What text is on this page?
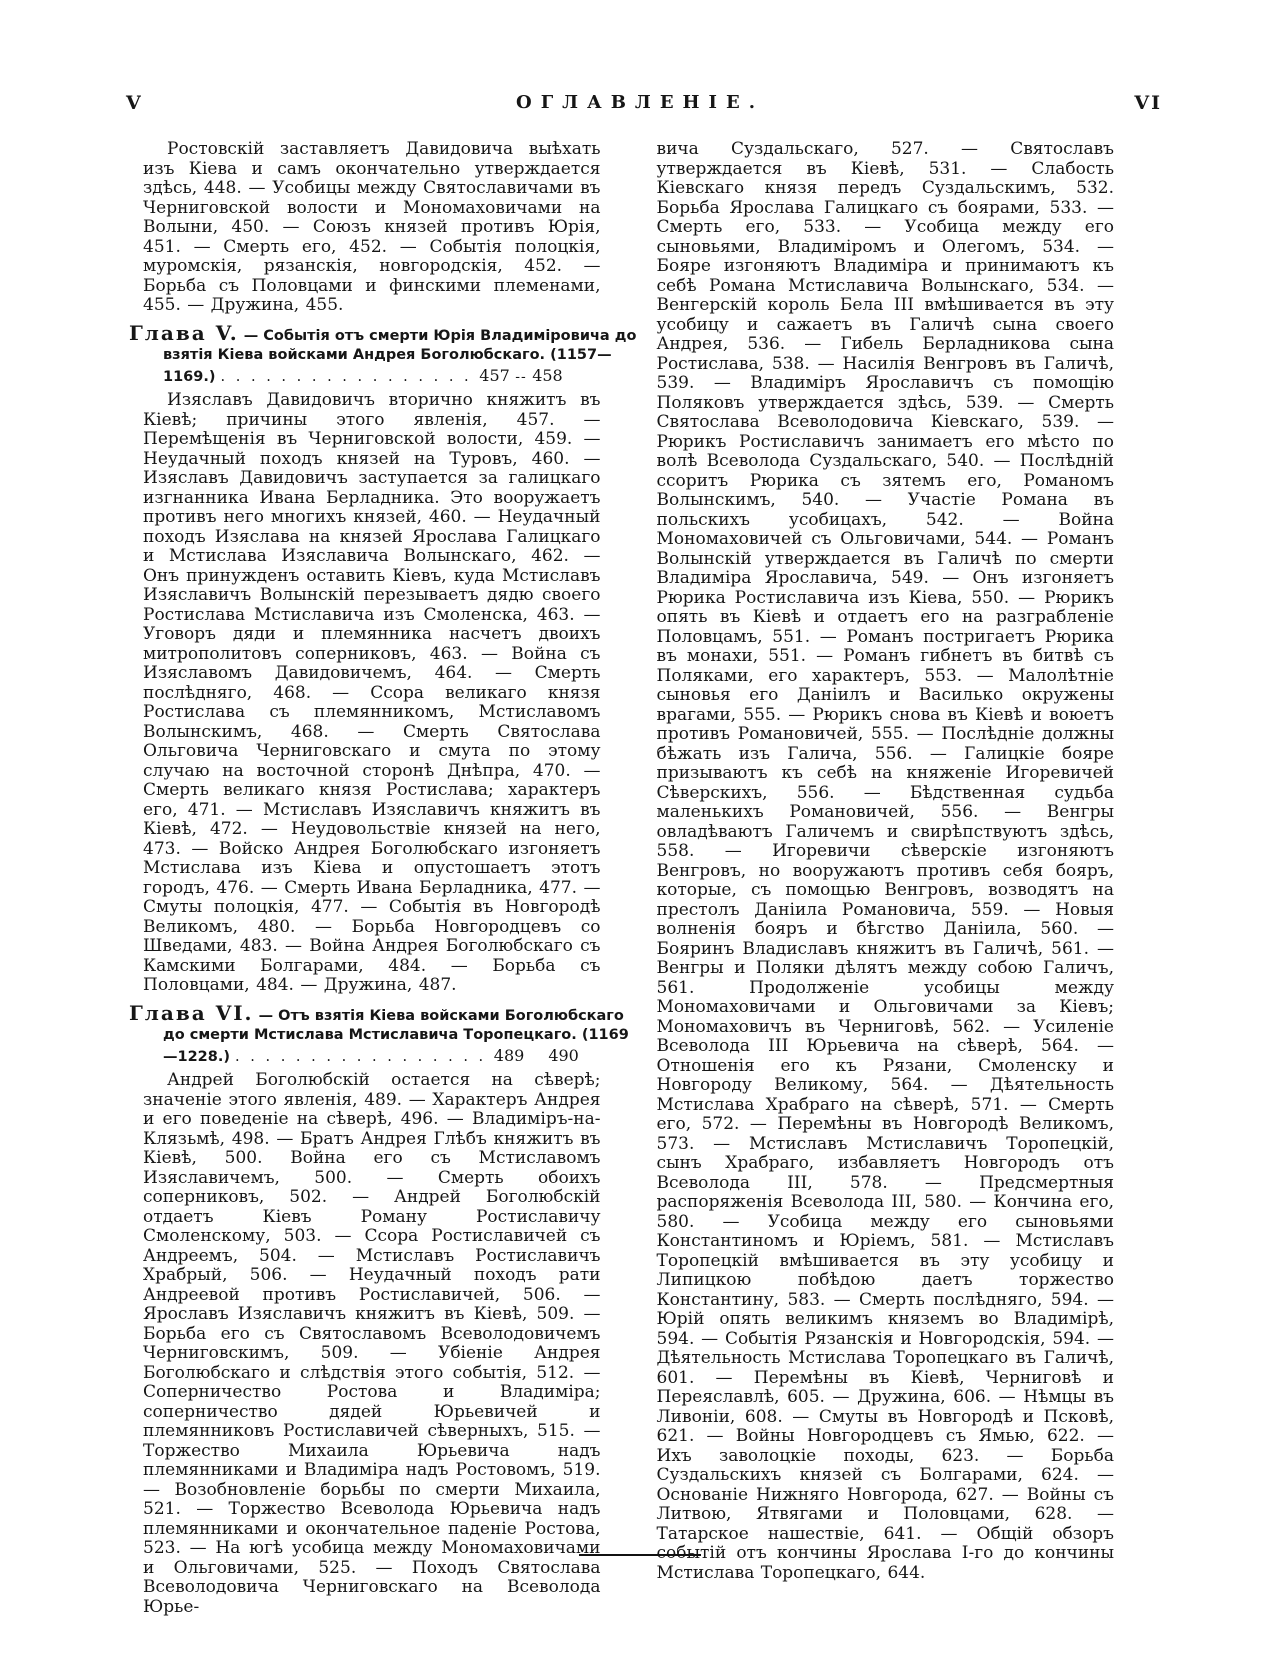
V	ОГЛАВЛЕНІЕ.	VI

Ростовскій заставляетъ Давидовича выѣхать изъ Кіева и самъ окончательно утверждается здѣсь, 448. — Усобицы между Святославичами въ Черниговской волости и Мономаховичами на Волыни, 450. — Союзъ князей противъ Юрія, 451. — Смерть его, 452. — Событія полоцкія, муромскія, рязанскія, новгородскія, 452. — Борьба съ Половцами и финскими племенами, 455. — Дружина, 455.

Глава V. — Событія отъ смерти Юрія Владиміровича до взятія Кіева войсками Андрея Боголюбскаго. (1157—1169.) . . . . . . . . . . . . . . . . . 457 -- 458

Изяславъ Давидовичъ вторично княжитъ въ Кіевѣ; причины этого явленія, 457. — Перемѣщенія въ Черниговской волости, 459. — Неудачный походъ князей на Туровъ, 460. — Изяславъ Давидовичъ заступается за галицкаго изгнанника Ивана Берладника. Это вооружаетъ противъ него многихъ князей, 460. — Неудачный походъ Изяслава на князей Ярослава Галицкаго и Мстислава Изяславича Волынскаго, 462. — Онъ принужденъ оставить Кіевъ, куда Мстиславъ Изяславичъ Волынскій перезываетъ дядю своего Ростислава Мстиславича изъ Смоленска, 463. — Уговоръ дяди и племянника насчетъ двоихъ митрополитовъ соперниковъ, 463. — Война съ Изяславомъ Давидовичемъ, 464. — Смерть послѣдняго, 468. — Ссора великаго князя Ростислава съ племянникомъ, Мстиславомъ Волынскимъ, 468. — Смерть Святослава Ольговича Черниговскаго и смута по этому случаю на восточной сторонѣ Днѣпра, 470. — Смерть великаго князя Ростислава; характеръ его, 471. — Мстиславъ Изяславичъ княжитъ въ Кіевѣ, 472. — Неудовольствіе князей на него, 473. — Войско Андрея Боголюбскаго изгоняетъ Мстислава изъ Кіева и опустошаетъ этотъ городъ, 476. — Смерть Ивана Берладника, 477. — Смуты полоцкія, 477. — Событія въ Новгородѣ Великомъ, 480. — Борьба Новгородцевъ со Шведами, 483. — Война Андрея Боголюбскаго съ Камскими Болгарами, 484. — Борьба съ Половцами, 484. — Дружина, 487.

Глава VI. — Отъ взятія Кіева войсками Боголюбскаго до смерти Мстислава Мстиславича Торопецкаго. (1169—1228.) . . . . . . . . . . . . . . . . . 489 490

Андрей Боголюбскій остается на сѣверѣ; значеніе этого явленія, 489. — Характеръ Андрея и его поведеніе на сѣверѣ, 496. — Владиміръ-на-Клязьмѣ, 498. — Братъ Андрея Глѣбъ княжитъ въ Кіевѣ, 500. Война его съ Мстиславомъ Изяславичемъ, 500. — Смерть обоихъ соперниковъ, 502. — Андрей Боголюбскій отдаетъ Кіевъ Роману Ростиславичу Смоленскому, 503. — Ссора Ростиславичей съ Андреемъ, 504. — Мстиславъ Ростиславичъ Храбрый, 506. — Неудачный походъ рати Андреевой противъ Ростиславичей, 506. — Ярославъ Изяславичъ княжитъ въ Кіевѣ, 509. — Борьба его съ Святославомъ Всеволодовичемъ Черниговскимъ, 509. — Убіеніе Андрея Боголюбскаго и слѣдствія этого событія, 512. — Соперничество Ростова и Владиміра; соперничество дядей Юрьевичей и племянниковъ Ростиславичей сѣверныхъ, 515. — Торжество Михаила Юрьевича надъ племянниками и Владиміра надъ Ростовомъ, 519. — Возобновленіе борьбы по смерти Михаила, 521. — Торжество Всеволода Юрьевича надъ племянниками и окончательное паденіе Ростова, 523. — На югѣ усобица между Мономаховичами и Ольговичами, 525. — Походъ Святослава Всеволодовича Черниговскаго на Всеволода Юрье-

вича Суздальскаго, 527. — Святославъ утверждается въ Кіевѣ, 531. — Слабость Кіевскаго князя передъ Суздальскимъ, 532. Борьба Ярослава Галицкаго съ боярами, 533. — Смерть его, 533. — Усобица между его сыновьями, Владиміромъ и Олегомъ, 534. — Бояре изгоняютъ Владиміра и принимаютъ къ себѣ Романа Мстиславича Волынскаго, 534. — Венгерскій король Бела III вмѣшивается въ эту усобицу и сажаетъ въ Галичѣ сына своего Андрея, 536. — Гибель Берладникова сына Ростислава, 538. — Насилія Венгровъ въ Галичѣ, 539. — Владиміръ Ярославичъ съ помощію Поляковъ утверждается здѣсь, 539. — Смерть Святослава Всеволодовича Кіевскаго, 539. — Рюрикъ Ростиславичъ занимаетъ его мѣсто по волѣ Всеволода Суздальскаго, 540. — Послѣдній ссоритъ Рюрика съ зятемъ его, Романомъ Волынскимъ, 540. — Участіе Романа въ польскихъ усобицахъ, 542. — Война Мономаховичей съ Ольговичами, 544. — Романъ Волынскій утверждается въ Галичѣ по смерти Владиміра Ярославича, 549. — Онъ изгоняетъ Рюрика Ростиславича изъ Кіева, 550. — Рюрикъ опять въ Кіевѣ и отдаетъ его на разграбленіе Половцамъ, 551. — Романъ постригаетъ Рюрика въ монахи, 551. — Романъ гибнетъ въ битвѣ съ Поляками, его характеръ, 553. — Малолѣтніе сыновья его Даніилъ и Василько окружены врагами, 555. — Рюрикъ снова въ Кіевѣ и воюетъ противъ Романовичей, 555. — Послѣдніе должны бѣжать изъ Галича, 556. — Галицкіе бояре призываютъ къ себѣ на княженіе Игоревичей Сѣверскихъ, 556. — Бѣдственная судьба маленькихъ Романовичей, 556. — Венгры овладѣваютъ Галичемъ и свирѣпствуютъ здѣсь, 558. — Игоревичи сѣверскіе изгоняютъ Венгровъ, но вооружаютъ противъ себя бояръ, которые, съ помощью Венгровъ, возводятъ на престолъ Даніила Романовича, 559. — Новыя волненія бояръ и бѣгство Даніила, 560. — Бояринъ Владиславъ княжитъ въ Галичѣ, 561. — Венгры и Поляки дѣлятъ между собою Галичъ, 561. Продолженіе усобицы между Мономаховичами и Ольговичами за Кіевъ; Мономаховичъ въ Черниговѣ, 562. — Усиленіе Всеволода III Юрьевича на сѣверѣ, 564. — Отношенія его къ Рязани, Смоленску и Новгороду Великому, 564. — Дѣятельность Мстислава Храбраго на сѣверѣ, 571. — Смерть его, 572. — Перемѣны въ Новгородѣ Великомъ, 573. — Мстиславъ Мстиславичъ Торопецкій, сынъ Храбраго, избавляетъ Новгородъ отъ Всеволода III, 578. — Предсмертныя распоряженія Всеволода III, 580. — Кончина его, 580. — Усобица между его сыновьями Константиномъ и Юріемъ, 581. — Мстиславъ Торопецкій вмѣшивается въ эту усобицу и Липицкою побѣдою даетъ торжество Константину, 583. — Смерть послѣдняго, 594. — Юрій опять великимъ княземъ во Владимірѣ, 594. — Событія Рязанскія и Новгородскія, 594. — Дѣятельность Мстислава Торопецкаго въ Галичѣ, 601. — Перемѣны въ Кіевѣ, Черниговѣ и Переяславлѣ, 605. — Дружина, 606. — Нѣмцы въ Ливоніи, 608. — Смуты въ Новгородѣ и Псковѣ, 621. — Войны Новгородцевъ съ Ямью, 622. — Ихъ заволоцкіе походы, 623. — Борьба Суздальскихъ князей съ Болгарами, 624. — Основаніе Нижняго Новгорода, 627. — Войны съ Литвою, Ятвягами и Половцами, 628. — Татарское нашествіе, 641. — Общій обзоръ событій отъ кончины Ярослава I-го до кончины Мстислава Торопецкаго, 644.
